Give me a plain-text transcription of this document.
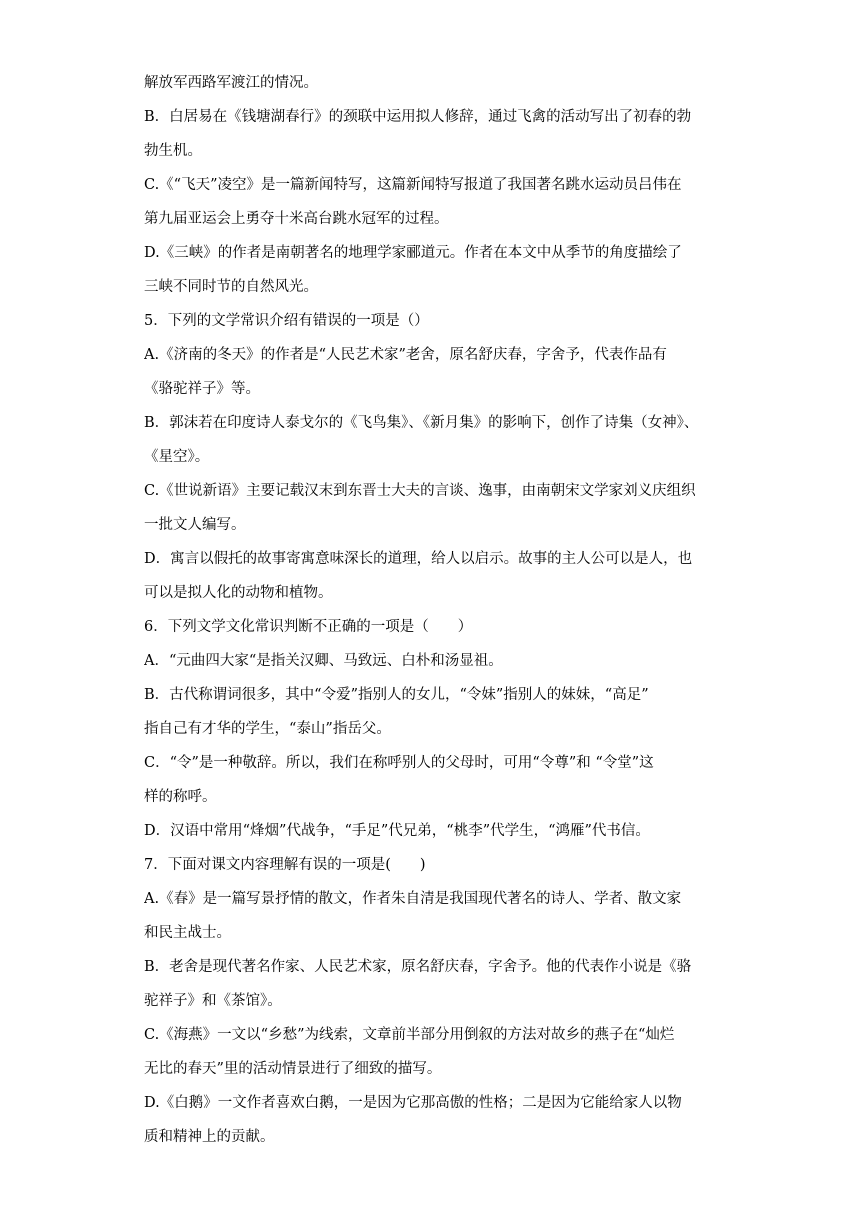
解放军西路军渡江的情况。
B．白居易在《钱塘湖春行》的颈联中运用拟人修辞，通过飞禽的活动写出了初春的勃
勃生机。
C.《“飞天”凌空》是一篇新闻特写，这篇新闻特写报道了我国著名跳水运动员吕伟在
第九届亚运会上勇夺十米高台跳水冠军的过程。
D.《三峡》的作者是南朝著名的地理学家郦道元。作者在本文中从季节的角度描绘了
三峡不同时节的自然风光。
5．下列的文学常识介绍有错误的一项是（）
A.《济南的冬天》的作者是“人民艺术家”老舍，原名舒庆春，字舍予，代表作品有
《骆驼祥子》等。
B．郭沫若在印度诗人泰戈尔的《飞鸟集》、《新月集》的影响下，创作了诗集（女神》、
《星空》。
C.《世说新语》主要记载汉末到东晋士大夫的言谈、逸事，由南朝宋文学家刘义庆组织
一批文人编写。
D．寓言以假托的故事寄寓意味深长的道理，给人以启示。故事的主人公可以是人，也
可以是拟人化的动物和植物。
6．下列文学文化常识判断不正确的一项是（　　）
A．“元曲四大家“是指关汉卿、马致远、白朴和汤显祖。
B．古代称谓词很多，其中“令爱”指别人的女儿，“令妹”指别人的妹妹，“高足”
指自己有才华的学生，“泰山”指岳父。
C．“令”是一种敬辞。所以，我们在称呼别人的父母时，可用“令尊”和 “令堂”这
样的称呼。
D．汉语中常用“烽烟”代战争，“手足”代兄弟，“桃李”代学生，“鸿雁”代书信。
7．下面对课文内容理解有误的一项是(　　)
A.《春》是一篇写景抒情的散文，作者朱自清是我国现代著名的诗人、学者、散文家
和民主战士。
B．老舍是现代著名作家、人民艺术家，原名舒庆春，字舍予。他的代表作小说是《骆
驼祥子》和《茶馆》。
C.《海燕》一文以“乡愁”为线索，文章前半部分用倒叙的方法对故乡的燕子在“灿烂
无比的春天”里的活动情景进行了细致的描写。
D.《白鹅》一文作者喜欢白鹅，一是因为它那高傲的性格；二是因为它能给家人以物
质和精神上的贡献。
